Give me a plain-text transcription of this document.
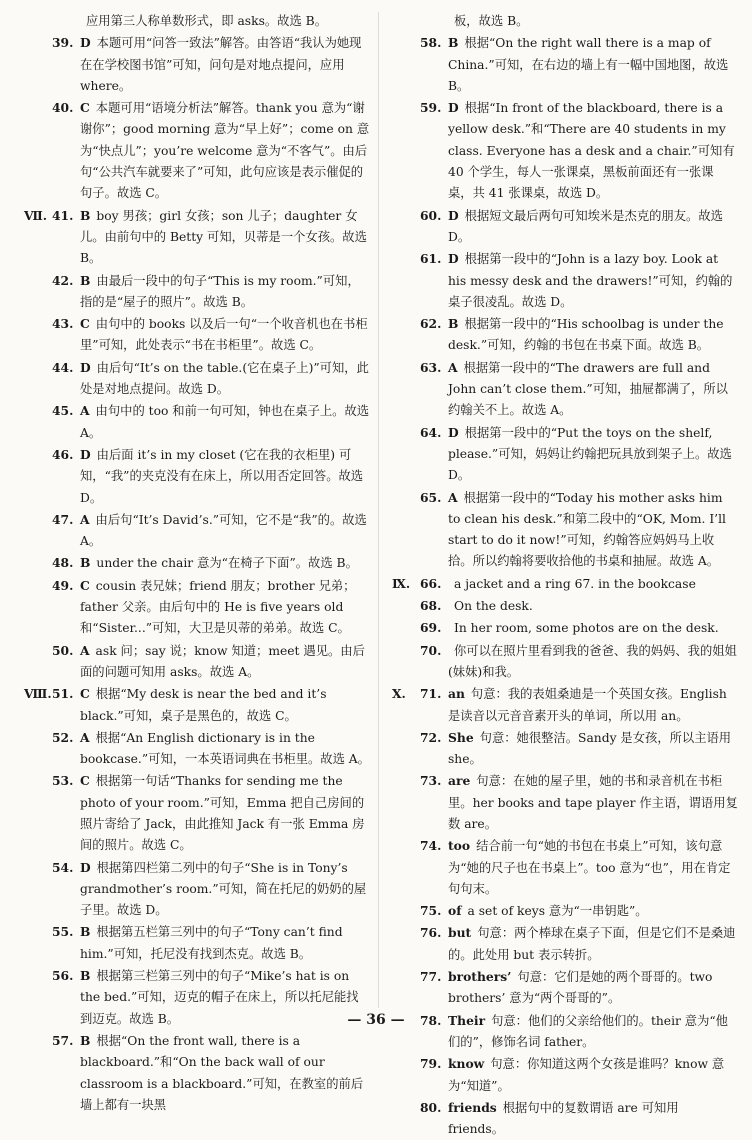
应用第三人称单数形式，即 asks。故选 B。
39. D 本题可用“问答一致法”解答。由答语“我认为她现在在学校图书馆”可知，问句是对地点提问，应用 where。
40. C 本题可用“语境分析法”解答。thank you 意为“谢谢你”；good morning 意为“早上好”；come on 意为“快点儿”；you’re welcome 意为“不客气”。由后句“公共汽车就要来了”可知，此句应该是表示催促的句子。故选 C。
Ⅶ. 41. B boy 男孩；girl 女孩；son 儿子；daughter 女儿。由前句中的 Betty 可知，贝蒂是一个女孩。故选 B。
42. B 由最后一段中的句子“This is my room.”可知，指的是“屋子的照片”。故选 B。
43. C 由句中的 books 以及后一句“一个收音机也在书柜里”可知，此处表示“书在书柜里”。故选 C。
44. D 由后句“It’s on the table.(它在桌子上)”可知，此处是对地点提问。故选 D。
45. A 由句中的 too 和前一句可知，钟也在桌子上。故选 A。
46. D 由后面 it’s in my closet (它在我的衣柜里) 可知，“我”的夹克没有在床上，所以用否定回答。故选 D。
47. A 由后句“It’s David’s.”可知，它不是“我”的。故选 A。
48. B under the chair 意为“在椅子下面”。故选 B。
49. C cousin 表兄妹；friend 朋友；brother 兄弟；father 父亲。由后句中的 He is five years old 和“Sister...”可知，大卫是贝蒂的弟弟。故选 C。
50. A ask 问；say 说；know 知道；meet 遇见。由后面的问题可知用 asks。故选 A。
Ⅷ. 51. C 根据“My desk is near the bed and it’s black.”可知，桌子是黑色的，故选 C。
52. A 根据“An English dictionary is in the bookcase.”可知，一本英语词典在书柜里。故选 A。
53. C 根据第一句话“Thanks for sending me the photo of your room.”可知，Emma 把自己房间的照片寄给了 Jack，由此推知 Jack 有一张 Emma 房间的照片。故选 C。
54. D 根据第四栏第二列中的句子“She is in Tony’s grandmother’s room.”可知，简在托尼的奶奶的屋子里。故选 D。
55. B 根据第五栏第三列中的句子“Tony can’t find him.”可知，托尼没有找到杰克。故选 B。
56. B 根据第三栏第三列中的句子“Mike’s hat is on the bed.”可知，迈克的帽子在床上，所以托尼能找到迈克。故选 B。
57. B 根据“On the front wall, there is a blackboard.”和“On the back wall of our classroom is a blackboard.”可知，在教室的前后墙上都有一块黑
板，故选 B。
58. B 根据“On the right wall there is a map of China.”可知，在右边的墙上有一幅中国地图，故选 B。
59. D 根据“In front of the blackboard, there is a yellow desk.”和“There are 40 students in my class. Everyone has a desk and a chair.”可知有 40 个学生，每人一张课桌，黑板前面还有一张课桌，共 41 张课桌，故选 D。
60. D 根据短文最后两句可知埃米是杰克的朋友。故选 D。
61. D 根据第一段中的“John is a lazy boy. Look at his messy desk and the drawers!”可知，约翰的桌子很凌乱。故选 D。
62. B 根据第一段中的“His schoolbag is under the desk.”可知，约翰的书包在书桌下面。故选 B。
63. A 根据第一段中的“The drawers are full and John can’t close them.”可知，抽屉都满了，所以约翰关不上。故选 A。
64. D 根据第一段中的“Put the toys on the shelf, please.”可知，妈妈让约翰把玩具放到架子上。故选 D。
65. A 根据第一段中的“Today his mother asks him to clean his desk.”和第二段中的“OK, Mom. I’ll start to do it now!”可知，约翰答应妈妈马上收拾。所以约翰将要收拾他的书桌和抽屉。故选 A。
Ⅸ. 66. a jacket and a ring 67. in the bookcase
68. On the desk.
69. In her room, some photos are on the desk.
70. 你可以在照片里看到我的爸爸、我的妈妈、我的姐姐(妹妹)和我。
Ⅹ. 71. an 句意：我的表姐桑迪是一个英国女孩。English 是读音以元音音素开头的单词，所以用 an。
72. She 句意：她很整洁。Sandy 是女孩，所以主语用 she。
73. are 句意：在她的屋子里，她的书和录音机在书柜里。her books and tape player 作主语，谓语用复数 are。
74. too 结合前一句“她的书包在书桌上”可知，该句意为“她的尺子也在书桌上”。too 意为“也”，用在肯定句句末。
75. of a set of keys 意为“一串钥匙”。
76. but 句意：两个棒球在桌子下面，但是它们不是桑迪的。此处用 but 表示转折。
77. brothers’ 句意：它们是她的两个哥哥的。two brothers’ 意为“两个哥哥的”。
78. Their 句意：他们的父亲给他们的。their 意为“他们的”，修饰名词 father。
79. know 句意：你知道这两个女孩是谁吗？know 意为“知道”。
80. friends 根据句中的复数谓语 are 可知用 friends。
— 36 —
